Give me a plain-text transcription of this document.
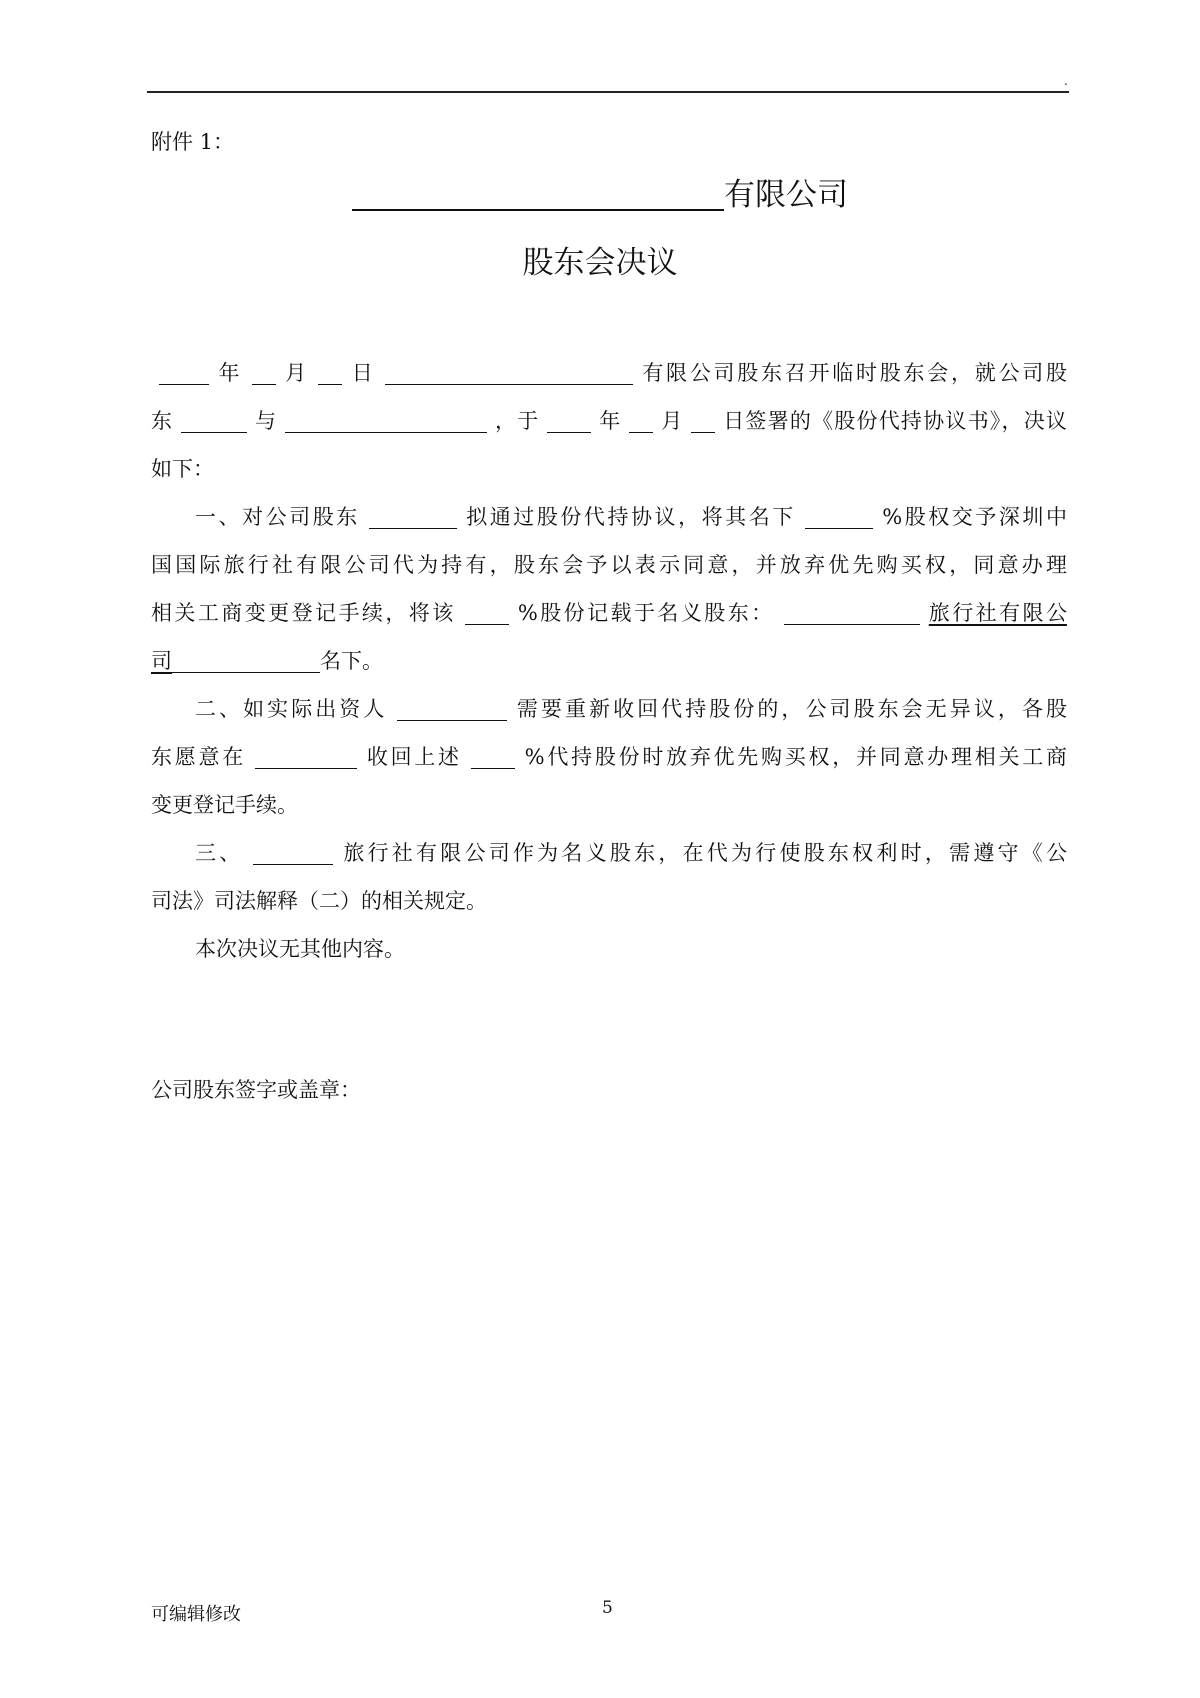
.
附件 1：
有限公司
股东会决议
年 月 日	有限公司股东召开临时股东会，就公司股
东	与	，于	年 月 日签署的《股份代持协议书》，决议
如下：
一、对公司股东	拟通过股份代持协议，将其名下	%股权交予深圳中
国国际旅行社有限公司代为持有，股东会予以表示同意，并放弃优先购买权，同意办理
相关工商变更登记手续，将该	%股份记载于名义股东：	旅行社有限公
司	名下。
二、如实际出资人	需要重新收回代持股份的，公司股东会无异议，各股
东愿意在	收回上述	%代持股份时放弃优先购买权，并同意办理相关工商
变更登记手续。
三、	旅行社有限公司作为名义股东，在代为行使股东权利时，需遵守《公
司法》司法解释（二）的相关规定。
本次决议无其他内容。
公司股东签字或盖章：
可编辑修改	5
